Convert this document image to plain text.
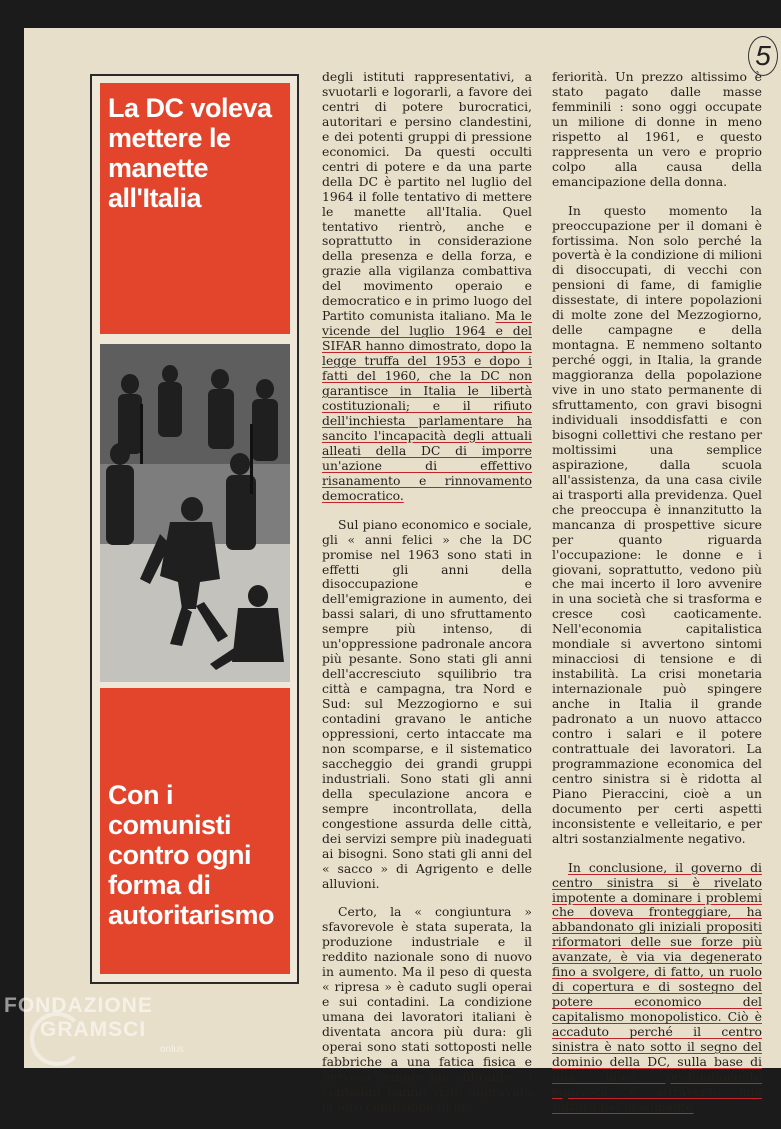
5
La DC voleva mettere le manette all'Italia
Con i comunisti contro ogni forma di autoritarismo

degli istituti rappresentativi, a svuotarli e logorarli, a favore dei centri di potere burocratici, autoritari e persino clandestini, e dei potenti gruppi di pressione economici. Da questi occulti centri di potere e da una parte della DC è partito nel luglio del 1964 il folle tentativo di mettere le manette all'Italia. Quel tentativo rientrò, anche e soprattutto in considerazione della presenza e della forza, e grazie alla vigilanza combattiva del movimento operaio e democratico e in primo luogo del Partito comunista italiano. Ma le vicende del luglio 1964 e del SIFAR hanno dimostrato, dopo la legge truffa del 1953 e dopo i fatti del 1960, che la DC non garantisce in Italia le libertà costituzionali; e il rifiuto dell'inchiesta parlamentare ha sancito l'incapacità degli attuali alleati della DC di imporre un'azione di effettivo risanamento e rinnovamento democratico.

Sul piano economico e sociale, gli « anni felici » che la DC promise nel 1963 sono stati in effetti gli anni della disoccupazione e dell'emigrazione in aumento, dei bassi salari, di uno sfruttamento sempre più intenso, di un'oppressione padronale ancora più pesante. Sono stati gli anni dell'accresciuto squilibrio tra città e campagna, tra Nord e Sud: sul Mezzogiorno e sui contadini gravano le antiche oppressioni, certo intaccate ma non scomparse, e il sistematico saccheggio dei grandi gruppi industriali. Sono stati gli anni della speculazione ancora e sempre incontrollata, della congestione assurda delle città, dei servizi sempre più inadeguati ai bisogni. Sono stati gli anni del « sacco » di Agrigento e delle alluvioni.

Certo, la « congiuntura » sfavorevole è stata superata, la produzione industriale e il reddito nazionale sono di nuovo in aumento. Ma il peso di questa « ripresa » è caduto sugli operai e sui contadini. La condizione umana dei lavoratori italiani è diventata ancora più dura: gli operai sono stati sottoposti nelle fabbriche a una fatica fisica e nervosa sempre più sfibrante ; i contadini hanno visto aggravata la loro condizione di in-

feriorità. Un prezzo altissimo è stato pagato dalle masse femminili : sono oggi occupate un milione di donne in meno rispetto al 1961, e questo rappresenta un vero e proprio colpo alla causa della emancipazione della donna.

In questo momento la preoccupazione per il domani è fortissima. Non solo perché la povertà è la condizione di milioni di disoccupati, di vecchi con pensioni di fame, di famiglie dissestate, di intere popolazioni di molte zone del Mezzogiorno, delle campagne e della montagna. E nemmeno soltanto perché oggi, in Italia, la grande maggioranza della popolazione vive in uno stato permanente di sfruttamento, con gravi bisogni individuali insoddisfatti e con bisogni collettivi che restano per moltissimi una semplice aspirazione, dalla scuola all'assistenza, da una casa civile ai trasporti alla previdenza. Quel che preoccupa è innanzitutto la mancanza di prospettive sicure per quanto riguarda l'occupazione: le donne e i giovani, soprattutto, vedono più che mai incerto il loro avvenire in una società che si trasforma e cresce così caoticamente. Nell'economia capitalistica mondiale si avvertono sintomi minacciosi di tensione e di instabilità. La crisi monetaria internazionale può spingere anche in Italia il grande padronato a un nuovo attacco contro i salari e il potere contrattuale dei lavoratori. La programmazione economica del centro sinistra si è ridotta al Piano Pieraccini, cioè a un documento per certi aspetti inconsistente e velleitario, e per altri sostanzialmente negativo.

In conclusione, il governo di centro sinistra si è rivelato impotente a dominare i problemi che doveva fronteggiare, ha abbandonato gli iniziali propositi riformatori delle sue forze più avanzate, è via via degenerato fino a svolgere, di fatto, un ruolo di copertura e di sostegno del potere economico del capitalismo monopolistico. Ciò è accaduto perché il centro sinistra è nato sotto il segno del dominio della DC, sulla base di una linea profondamente equivoca, e attraverso una rottura nel movimento

FONDAZIONE
GRAMSCI
onlus
